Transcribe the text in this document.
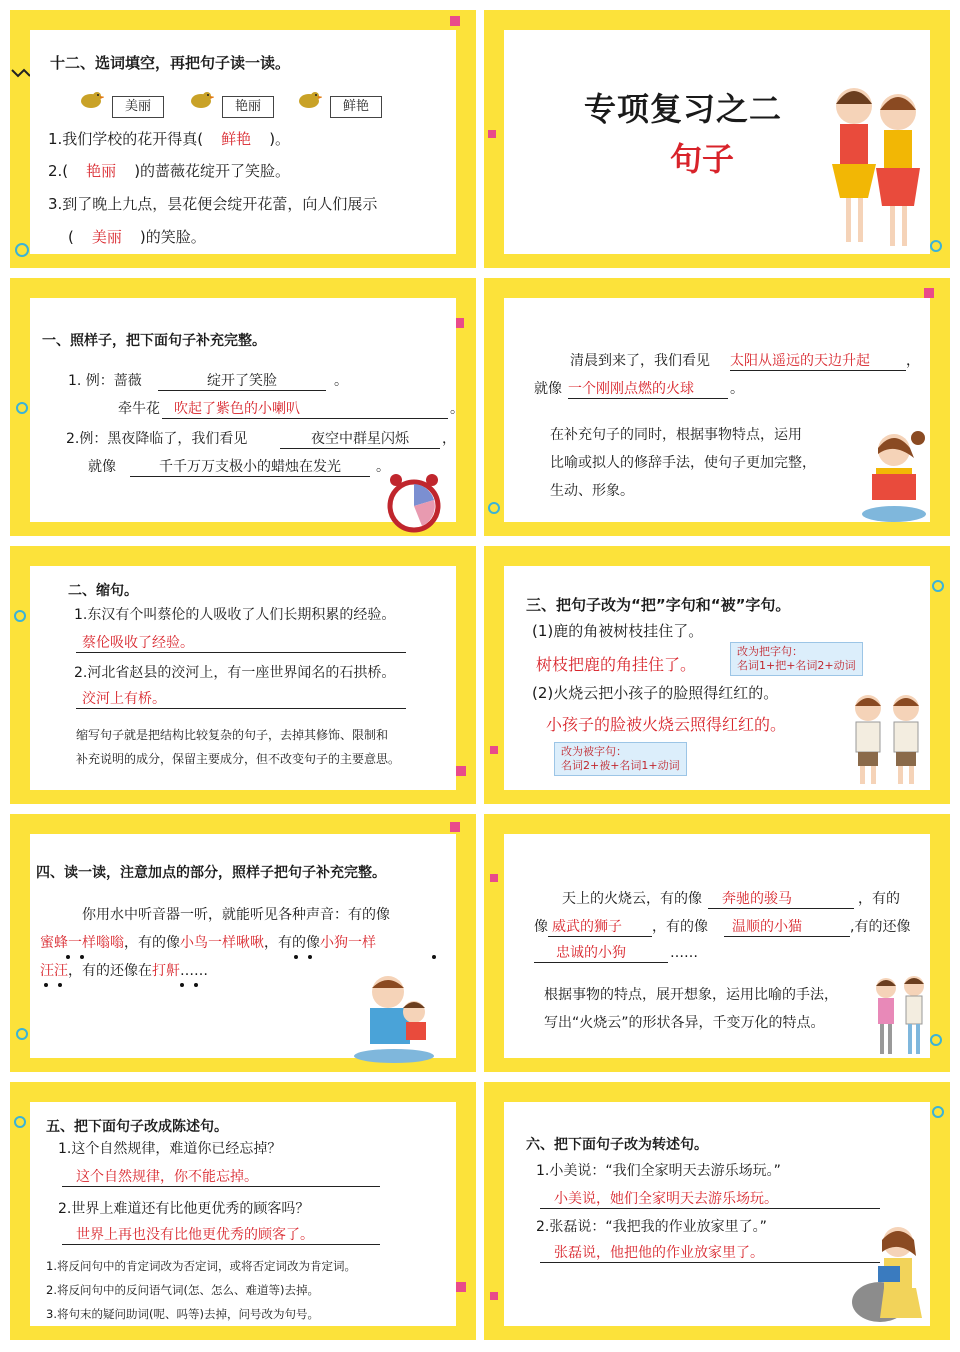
十二、选词填空，再把句子读一读。
美丽	艳丽	鲜艳
1.我们学校的花开得真( 鲜艳 )。
2.( 艳丽 )的蔷薇花绽开了笑脸。
3.到了晚上九点，昙花便会绽开花蕾，向人们展示
( 美丽 )的笑脸。
专项复习之二
句子
一、照样子，把下面句子补充完整。
1. 例：蔷薇	绽开了笑脸	。
牵牛花	吹起了紫色的小喇叭	。
2.例：黑夜降临了，我们看见	夜空中群星闪烁	，
就像	千千万万支极小的蜡烛在发光	。
清晨到来了，我们看见 太阳从遥远的天边升起	，
就像 一个刚刚点燃的火球	。
在补充句子的同时，根据事物特点，运用
比喻或拟人的修辞手法，使句子更加完整，
生动、形象。
二、缩句。
1.东汉有个叫蔡伦的人吸收了人们长期积累的经验。
蔡伦吸收了经验。
2.河北省赵县的洨河上，有一座世界闻名的石拱桥。
洨河上有桥。
缩写句子就是把结构比较复杂的句子，去掉其修饰、限制和
补充说明的成分，保留主要成分，但不改变句子的主要意思。
三、把句子改为“把”字句和“被”字句。
(1)鹿的角被树枝挂住了。
树枝把鹿的角挂住了。
改为把字句：
名词1+把+名词2+动词
(2)火烧云把小孩子的脸照得红红的。
小孩子的脸被火烧云照得红红的。
改为被字句：
名词2+被+名词1+动词
四、读一读，注意加点的部分，照样子把句子补充完整。
你用水中听音器一听，就能听见各种声音：有的像
蜜蜂一样嗡嗡，有的像小鸟一样啾啾，有的像小狗一样
汪汪，有的还像在打鼾……
天上的火烧云，有的像	奔驰的骏马	，有的
像 威武的狮子	，有的像	温顺的小猫	,有的还像
忠诚的小狗	……
根据事物的特点，展开想象，运用比喻的手法，
写出“火烧云”的形状各异，千变万化的特点。
五、把下面句子改成陈述句。
1.这个自然规律，难道你已经忘掉？
这个自然规律，你不能忘掉。
2.世界上难道还有比他更优秀的顾客吗？
世界上再也没有比他更优秀的顾客了。
1.将反问句中的肯定词改为否定词，或将否定词改为肯定词。
2.将反问句中的反问语气词(怎、怎么、难道等)去掉。
3.将句末的疑问助词(呢、吗等)去掉，问号改为句号。
六、把下面句子改为转述句。
1.小美说：“我们全家明天去游乐场玩。”
小美说，她们全家明天去游乐场玩。
2.张磊说：“我把我的作业放家里了。”
张磊说，他把他的作业放家里了。
